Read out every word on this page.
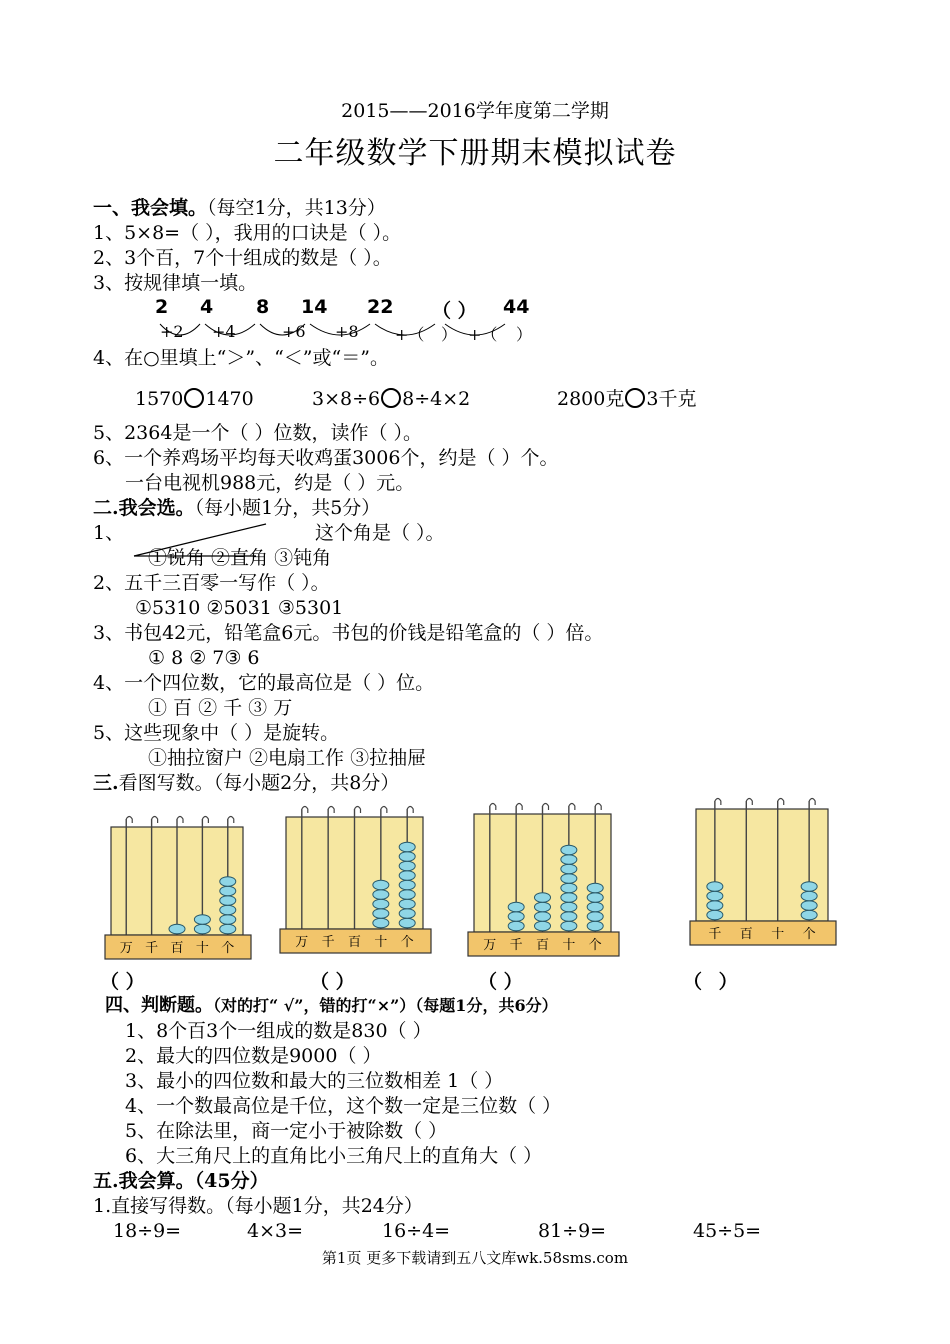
2015——2016学年度第二学期
二年级数学下册期末模拟试卷
一、我会填。（每空1分，共13分）
1、5×8=（ ），我用的口诀是（ ）。
2、3个百，7个十组成的数是（ ）。
3、按规律填一填。
2 4 8 14 22 （ ） 44
+2 +4	+6 +8 +（ ） +（ ）
4、在○里填上“＞”、“＜”或“＝”。
1570 1470	3×8÷6 8÷4×2	2800克 3千克
5、2364是一个（ ）位数，读作（ ）。
6、一个养鸡场平均每天收鸡蛋3006个，约是（ ）个。
一台电视机988元，约是（ ）元。
二.我会选。（每小题1分，共5分）
1、	这个角是（ ）。
①锐角 ②直角 ③钝角
2、五千三百零一写作（ ）。
①5310 ②5031 ③5301
3、书包42元，铅笔盒6元。书包的价钱是铅笔盒的（ ）倍。
① 8 ② 7③ 6
4、一个四位数，它的最高位是（ ）位。
① 百 ② 千 ③ 万
5、这些现象中（ ）是旋转。
①抽拉窗户 ②电扇工作 ③拉抽屉
三.看图写数。（每小题2分，共8分）
万 千 百 十 个	万 千 百 十 个	万 千 百 十 个
千 百 十 个
（ ）	（ ）	（ ）	（ ）
四、判断题。（对的打“ √”，错的打“×”）（每题1分，共6分）
1、8个百3个一组成的数是830（ ）
2、最大的四位数是9000（ ）
3、最小的四位数和最大的三位数相差 1（ ）
4、一个数最高位是千位，这个数一定是三位数（ ）
5、在除法里，商一定小于被除数（ ）
6、大三角尺上的直角比小三角尺上的直角大（ ）
五.我会算。（45分）
1.直接写得数。（每小题1分，共24分）
18÷9=	4×3=	16÷4=	81÷9=	45÷5=
第1页 更多下载请到五八文库wk.58sms.com
